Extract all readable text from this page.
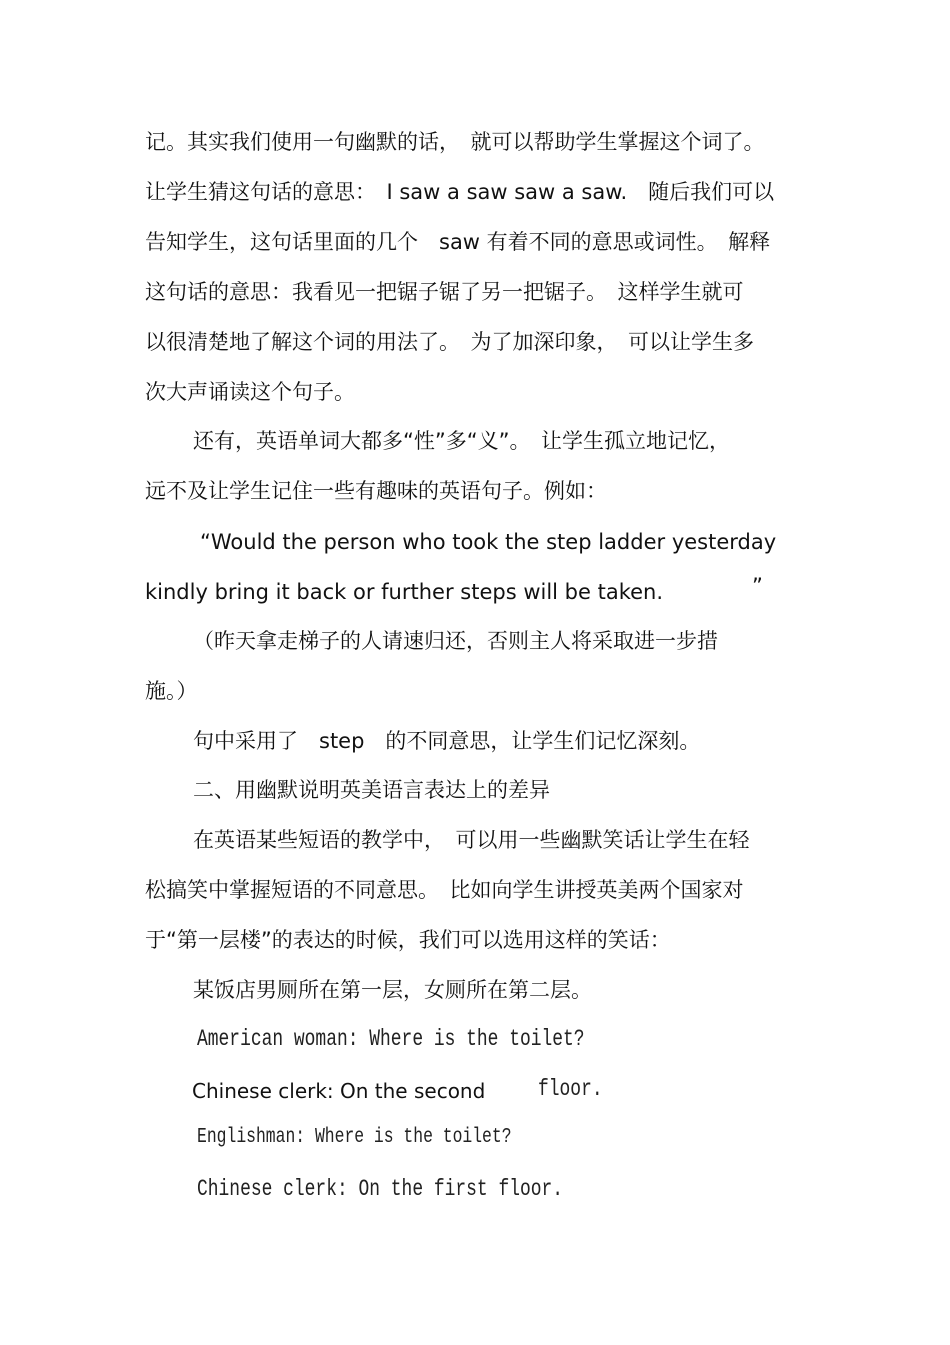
记。其实我们使用一句幽默的话，　就可以帮助学生掌握这个词了。
让学生猜这句话的意思：　I saw a saw saw a saw.　随后我们可以
告知学生，这句话里面的几个　saw 有着不同的意思或词性。　解释
这句话的意思：我看见一把锯子锯了另一把锯子。　这样学生就可
以很清楚地了解这个词的用法了。　为了加深印象，　可以让学生多
次大声诵读这个句子。
还有，英语单词大都多“性”多“义”。　让学生孤立地记忆，
远不及让学生记住一些有趣味的英语句子。例如：
“Would the person who took the step ladder yesterday
kindly bring it back or further steps will be taken.	”
（昨天拿走梯子的人请速归还，否则主人将采取进一步措
施。）
句中采用了　step　的不同意思，让学生们记忆深刻。
二、用幽默说明英美语言表达上的差异
在英语某些短语的教学中，　可以用一些幽默笑话让学生在轻
松搞笑中掌握短语的不同意思。　比如向学生讲授英美两个国家对
于“第一层楼”的表达的时候，我们可以选用这样的笑话：
某饭店男厕所在第一层，女厕所在第二层。
American woman: Where is the toilet?
Chinese clerk: On the second floor.
Englishman: Where is the toilet?
Chinese clerk: On the first floor.
